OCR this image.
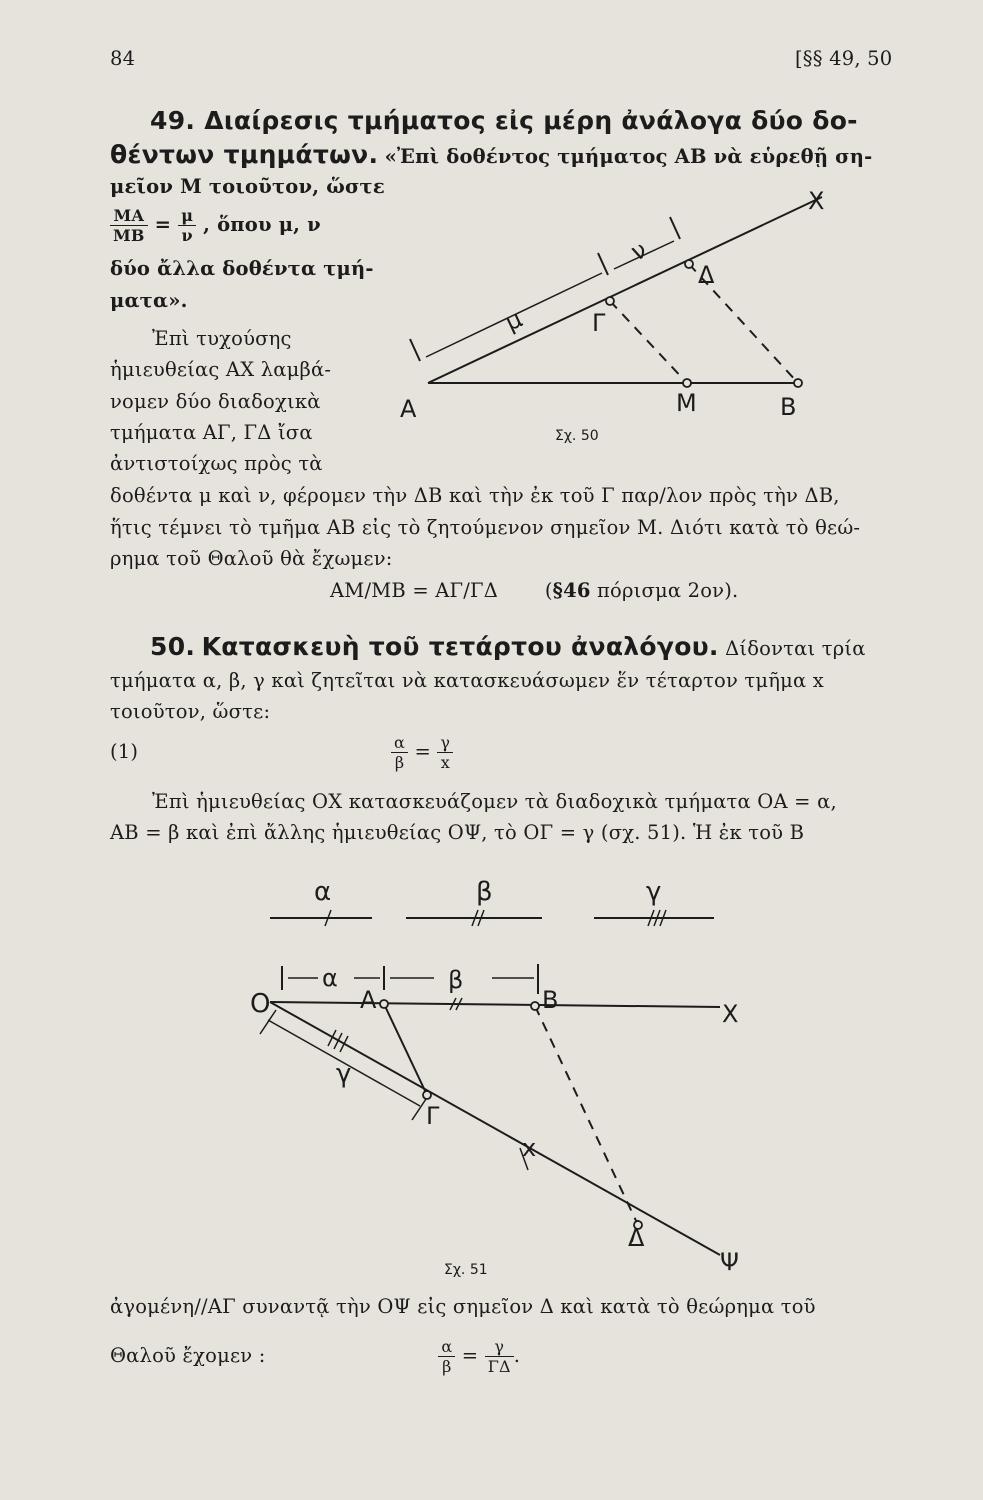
84	[§§ 49, 50
49. Διαίρεσις τμήματος εἰς μέρη ἀνάλογα δύο δο-
θέντων τμημάτων. «Ἐπὶ δοθέντος τμήματος ΑΒ νὰ εὑρεθῇ ση-
μεῖον Μ τοιοῦτον, ὥστε
$\frac{MA}{MB} = \frac{\mu}{\nu}$ , ὅπου μ, ν
δύο ἄλλα δοθέντα τμή-
ματα».
Ἐπὶ τυχούσης
ἡμιευθείας ΑΧ λαμβά-
νομεν δύο διαδοχικὰ
τμήματα ΑΓ, ΓΔ ἴσα
ἀντιστοίχως πρὸς τὰ
δοθέντα μ καὶ ν, φέρομεν τὴν ΔΒ καὶ τὴν ἐκ τοῦ Γ παρ/λον πρὸς τὴν ΔΒ,
ἥτις τέμνει τὸ τμῆμα ΑΒ εἰς τὸ ζητούμενον σημεῖον Μ. Διότι κατὰ τὸ θεώ-
ρημα τοῦ Θαλοῦ θὰ ἔχωμεν:
ΑΜ/ΜΒ = ΑΓ/ΓΔ (§46 πόρισμα 2ον).
Χ
Α	Μ	Β
Γ
Δ
μ
ν
Σχ. 50
50. Κατασκευὴ τοῦ τετάρτου ἀναλόγου. Δίδονται τρία
τμήματα α, β, γ καὶ ζητεῖται νὰ κατασκευάσωμεν ἕν τέταρτον τμῆμα x
τοιοῦτον, ὥστε:
(1)	$\frac{\alpha}{\beta} = \frac{\gamma}{x}$
Ἐπὶ ἡμιευθείας ΟΧ κατασκευάζομεν τὰ διαδοχικὰ τμήματα ΟΑ = α,
ΑΒ = β καὶ ἐπὶ ἄλλης ἡμιευθείας ΟΨ, τὸ ΟΓ = γ (σχ. 51). Ἡ ἐκ τοῦ Β
α	β	γ
α	β
Ο	Α	Β	Χ
γ
Γ
x
Δ
Ψ
Σχ. 51
ἀγομένη//ΑΓ συναντᾷ τὴν ΟΨ εἰς σημεῖον Δ καὶ κατὰ τὸ θεώρημα τοῦ
Θαλοῦ ἔχομεν :	$\frac{\alpha}{\beta} = \frac{\gamma}{\Gamma\Delta}$ .
